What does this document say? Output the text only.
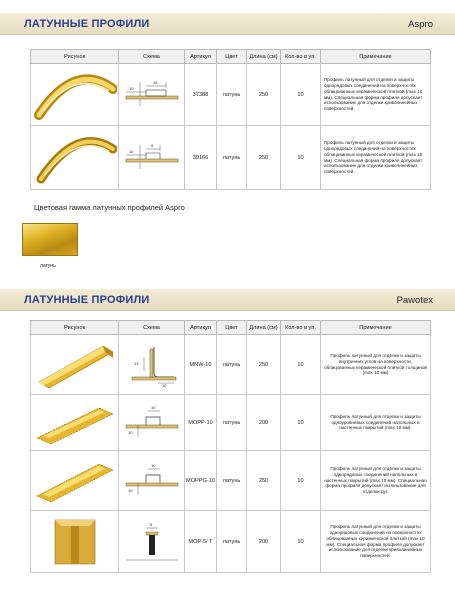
ЛАТУННЫЕ ПРОФИЛИ	Aspro
Рисунок	Схема	Артикул	Цвет	Длина (см)	Кол-во в уп.	Примечание

10
16	37388	латунь	250	10	Профиль латунный для отделки и защиты однорядовых соединений на поверхностях облицованных керамической плиткой (max 10 мм). Специальная форма профиля допускает использование для отделки криволинейных поверхностей.

10
9	39166	латунь	250	10	Профиль латунный для отделки и защиты однорядовых соединений на поверхностях облицованных керамической плиткой (max 10 мм). Специальная форма профиля допускает использование для отделки криволинейных поверхностей.
Цветовая гамма латунных профилей Aspro
латунь
ЛАТУННЫЕ ПРОФИЛИ	Pawotex
Рисунок	Схема	Артикул	Цвет	Длина (см)	Кол-во в уп.	Примечание

13
10	MNW-10	латунь	250	10	Профиль латунный для отделки и защиты внутренних углов на поверхности, облицованных керамической плиткой толщиной (max 10 мм)

10
10	MOPP-10	латунь	200	10	Профиль латунный для отделки и защиты одноуровневых соединений напольных и настенных покрытий (max 10 мм).

10
10	MOPPG-10	латунь	250	10	Профиль латунный для отделки и защиты однорядовых соединений напольных и настенных покрытий (max 10 мм). Специальная форма профиля допускает использование для отделки дуг.

5	MOP-5/ T	латунь	200	10	Профиль латунный для отделки и защиты однорядовых соединений на поверхностях облицованных керамической плиткой (max 10 мм). Специальная форма профиля допускает использование для отделки криволинейных поверхностей.
